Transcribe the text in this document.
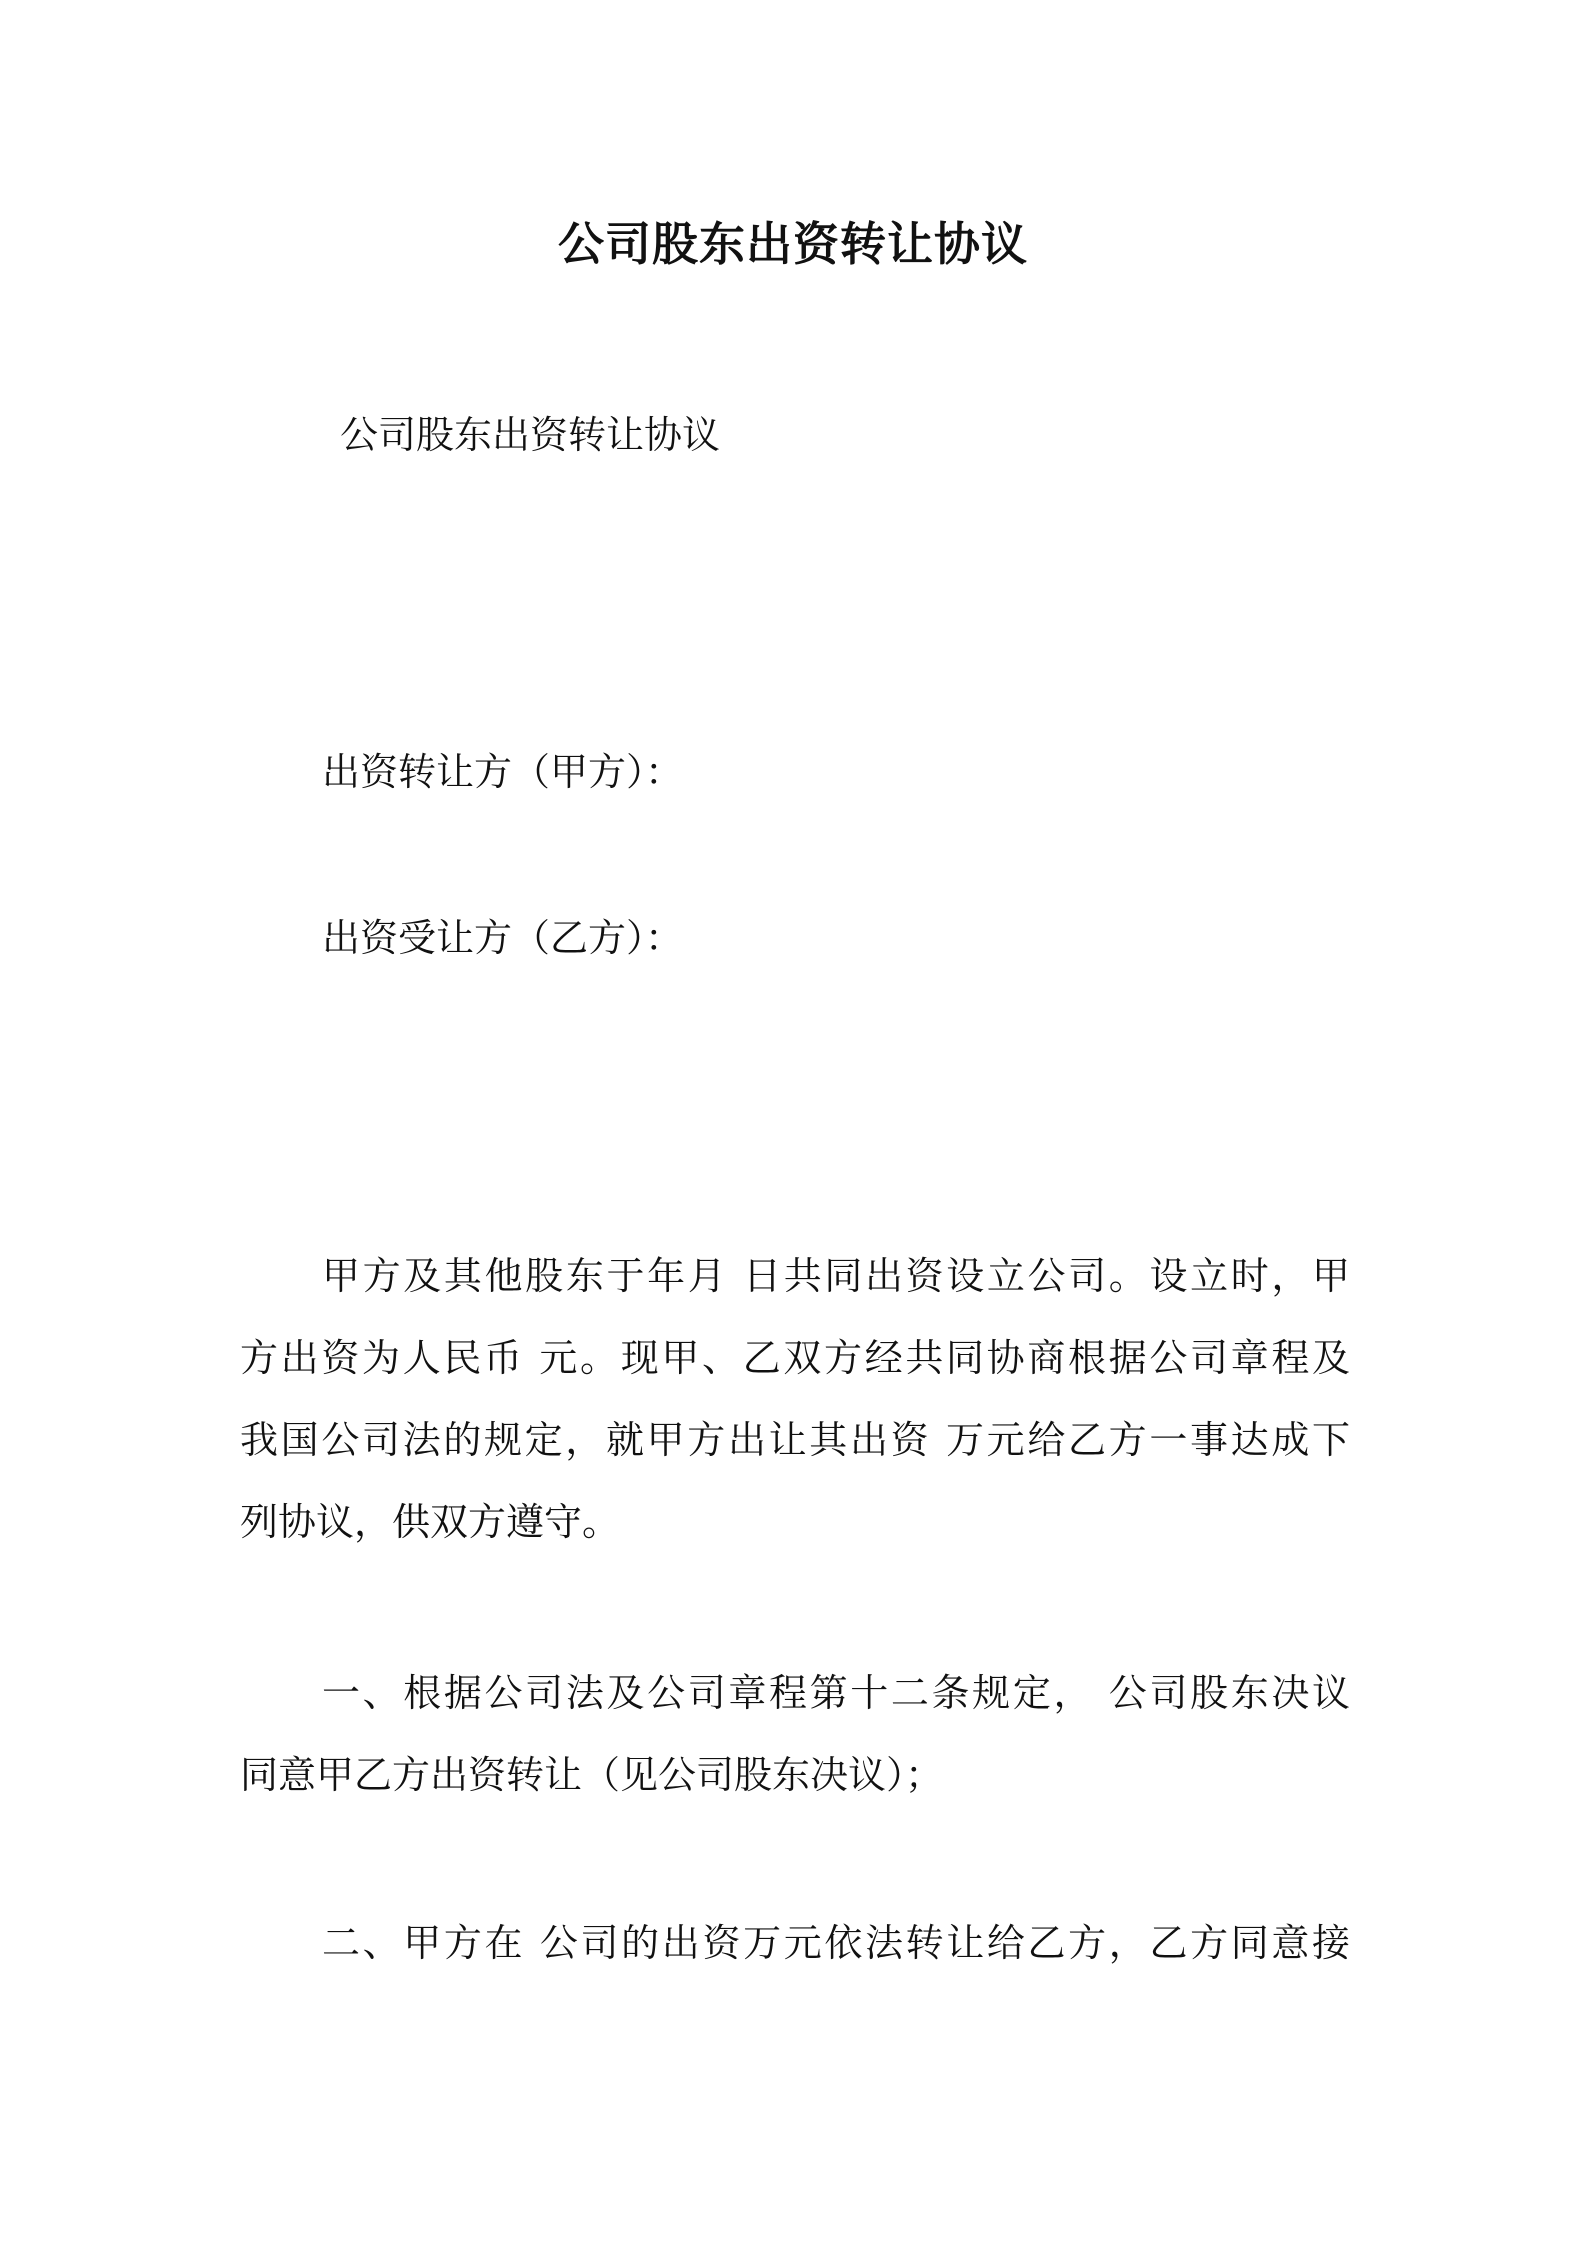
公司股东出资转让协议
公司股东出资转让协议
出资转让方（甲方）：
出资受让方（乙方）：
甲方及其他股东于年月 日共同出资设立公司。设立时，甲
方出资为人民币 元。现甲、乙双方经共同协商根据公司章程及
我国公司法的规定，就甲方出让其出资 万元给乙方一事达成下
列协议，供双方遵守。
一、根据公司法及公司章程第十二条规定， 公司股东决议
同意甲乙方出资转让（见公司股东决议）；
二、甲方在 公司的出资万元依法转让给乙方，乙方同意接
